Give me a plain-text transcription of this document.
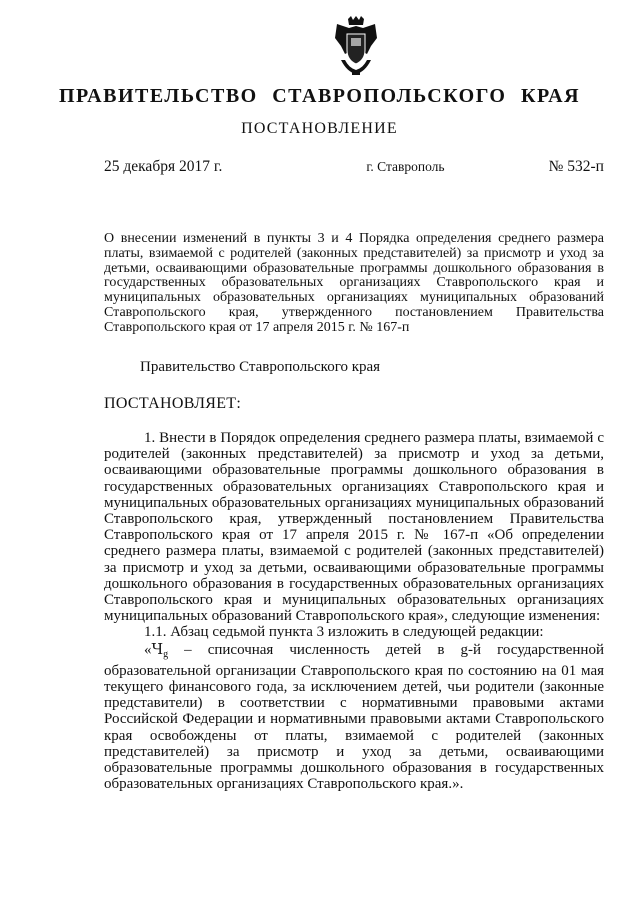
ПРАВИТЕЛЬСТВО СТАВРОПОЛЬСКОГО КРАЯ
ПОСТАНОВЛЕНИЕ
25 декабря 2017 г.	г. Ставрополь	№ 532-п
О внесении изменений в пункты 3 и 4 Порядка определения среднего размера платы, взимаемой с родителей (законных представителей) за присмотр и уход за детьми, осваивающими образовательные программы дошкольного образования в государственных образовательных организациях Ставропольского края и муниципальных образовательных организациях муниципальных образований Ставропольского края, утвержденного постановлением Правительства Ставропольского края от 17 апреля 2015 г. № 167-п
Правительство Ставропольского края
ПОСТАНОВЛЯЕТ:

1. Внести в Порядок определения среднего размера платы, взимаемой с родителей (законных представителей) за присмотр и уход за детьми, осваивающими образовательные программы дошкольного образования в государственных образовательных организациях Ставропольского края и муниципальных образовательных организациях муниципальных образований Ставропольского края, утвержденный постановлением Правительства Ставропольского края от 17 апреля 2015 г. № 167-п «Об определении среднего размера платы, взимаемой с родителей (законных представителей) за присмотр и уход за детьми, осваивающими образовательные программы дошкольного образования в государственных образовательных организациях Ставропольского края и муниципальных образовательных организациях муниципальных образований Ставропольского края», следующие изменения:

1.1. Абзац седьмой пункта 3 изложить в следующей редакции:

«$Ч_g$ – списочная численность детей в g-й государственной образовательной организации Ставропольского края по состоянию на 01 мая текущего финансового года, за исключением детей, чьи родители (законные представители) в соответствии с нормативными правовыми актами Российской Федерации и нормативными правовыми актами Ставропольского края освобождены от платы, взимаемой с родителей (законных представителей) за присмотр и уход за детьми, осваивающими образовательные программы дошкольного образования в государственных образовательных организациях Ставропольского края.».
